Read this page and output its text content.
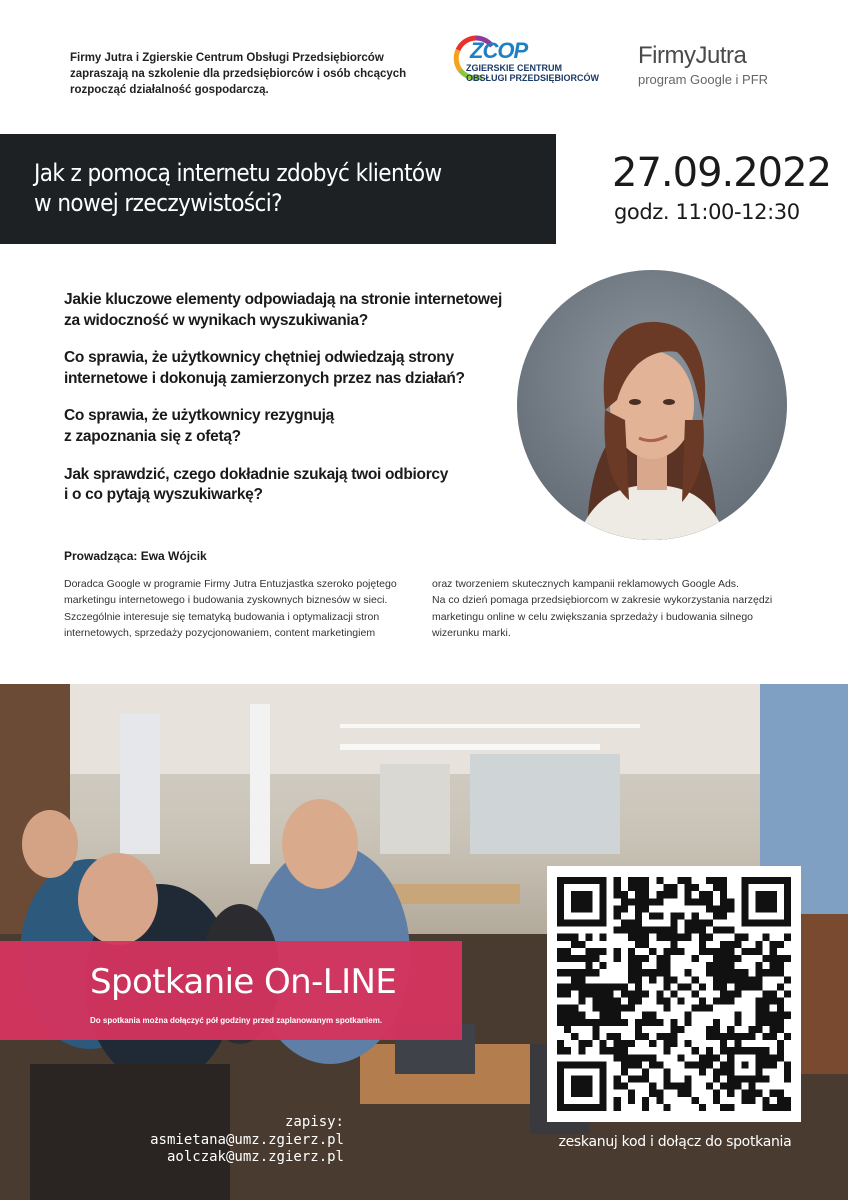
Firmy Jutra i Zgierskie Centrum Obsługi Przedsiębiorców
zapraszają na szkolenie dla przedsiębiorców i osób chcących
rozpocząć działalność gospodarczą.
ZCOP
ZGIERSKIE CENTRUM
OBSŁUGI PRZEDSIĘBIORCÓW
FirmyJutra
program Google i PFR
Jak z pomocą internetu zdobyć klientów
w nowej rzeczywistości?
27.09.2022
godz. 11:00-12:30
Jakie kluczowe elementy odpowiadają na stronie internetowej
za widoczność w wynikach wyszukiwania?
Co sprawia, że użytkownicy chętniej odwiedzają strony
internetowe i dokonują zamierzonych przez nas działań?
Co sprawia, że użytkownicy rezygnują
z zapoznania się z ofetą?
Jak sprawdzić, czego dokładnie szukają twoi odbiorcy
i o co pytają wyszukiwarkę?
Prowadząca: Ewa Wójcik
Doradca Google w programie Firmy Jutra Entuzjastka szeroko pojętego
marketingu internetowego i budowania zyskownych biznesów w sieci.
Szczególnie interesuje się tematyką budowania i optymalizacji stron
internetowych, sprzedaży pozycjonowaniem, content marketingiem
oraz tworzeniem skutecznych kampanii reklamowych Google Ads.
Na co dzień pomaga przedsiębiorcom w zakresie wykorzystania narzędzi
marketingu online w celu zwiększania sprzedaży i budowania silnego
wizerunku marki.
Spotkanie On-LINE
Do spotkania można dołączyć pół godziny przed zaplanowanym spotkaniem.
zeskanuj kod i dołącz do spotkania
zapisy: asmietana@umz.zgierz.pl
aolczak@umz.zgierz.pl
